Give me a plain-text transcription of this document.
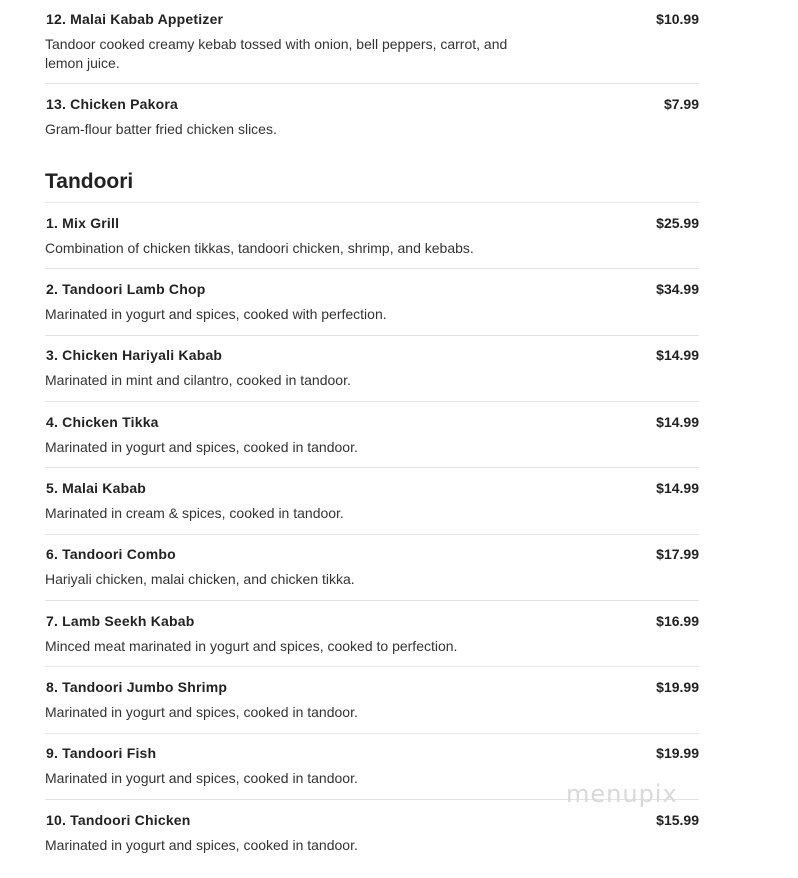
12. Malai Kabab Appetizer	$10.99
Tandoor cooked creamy kebab tossed with onion, bell peppers, carrot, and lemon juice.
13. Chicken Pakora	$7.99
Gram-flour batter fried chicken slices.
Tandoori
1. Mix Grill	$25.99
Combination of chicken tikkas, tandoori chicken, shrimp, and kebabs.
2. Tandoori Lamb Chop	$34.99
Marinated in yogurt and spices, cooked with perfection.
3. Chicken Hariyali Kabab	$14.99
Marinated in mint and cilantro, cooked in tandoor.
4. Chicken Tikka	$14.99
Marinated in yogurt and spices, cooked in tandoor.
5. Malai Kabab	$14.99
Marinated in cream & spices, cooked in tandoor.
6. Tandoori Combo	$17.99
Hariyali chicken, malai chicken, and chicken tikka.
7. Lamb Seekh Kabab	$16.99
Minced meat marinated in yogurt and spices, cooked to perfection.
8. Tandoori Jumbo Shrimp	$19.99
Marinated in yogurt and spices, cooked in tandoor.
9. Tandoori Fish	$19.99
Marinated in yogurt and spices, cooked in tandoor.
10. Tandoori Chicken	$15.99
Marinated in yogurt and spices, cooked in tandoor.
menupix
